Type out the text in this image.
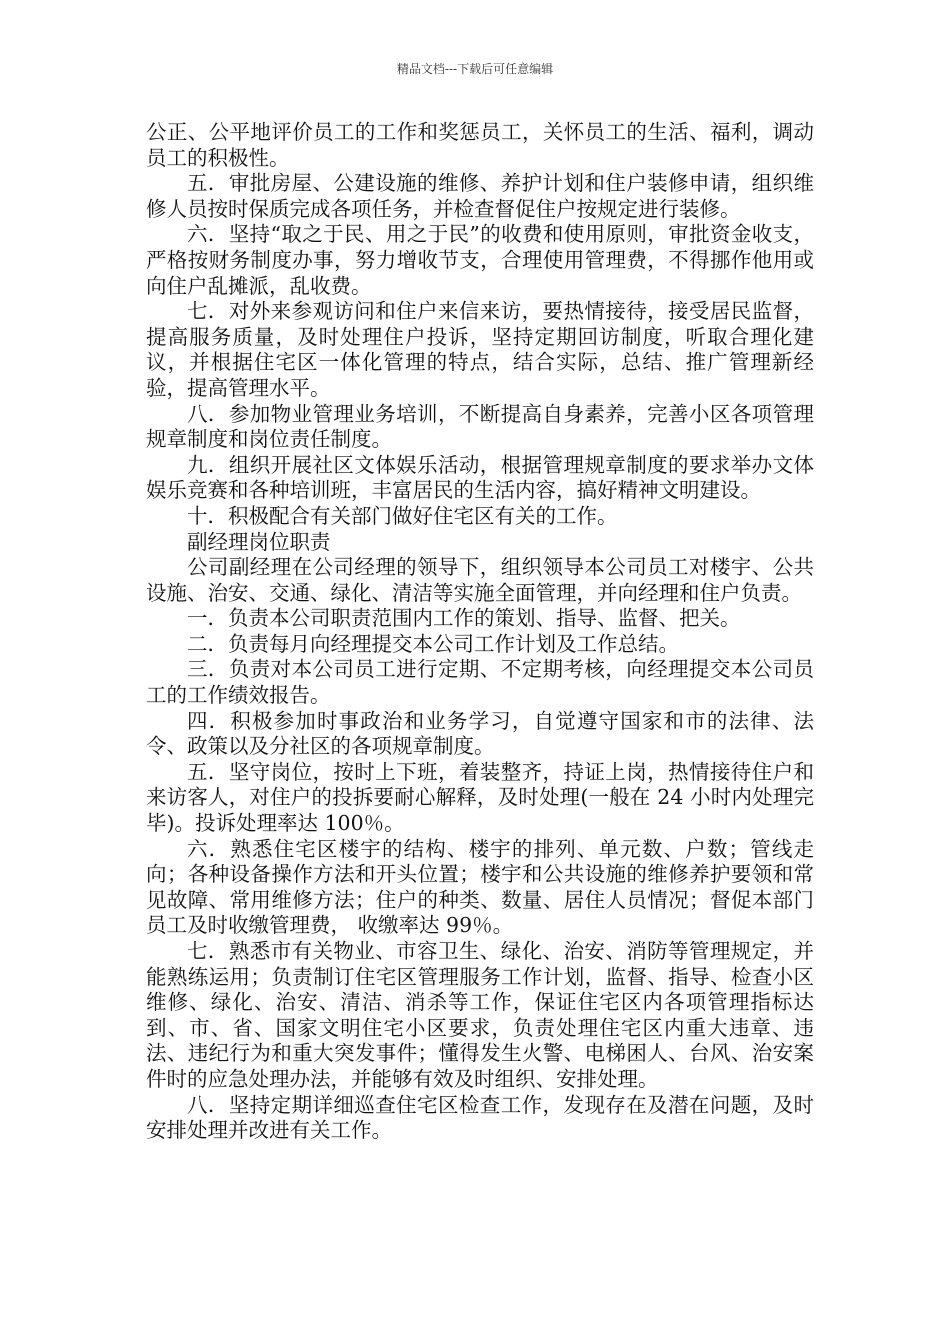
精品文档---下载后可任意编辑

公正、公平地评价员工的工作和奖惩员工，关怀员工的生活、福利，调动员工的积极性。

五．审批房屋、公建设施的维修、养护计划和住户装修申请，组织维修人员按时保质完成各项任务，并检查督促住户按规定进行装修。

六．坚持“取之于民、用之于民”的收费和使用原则，审批资金收支，严格按财务制度办事，努力增收节支，合理使用管理费，不得挪作他用或向住户乱摊派，乱收费。

七．对外来参观访问和住户来信来访，要热情接待，接受居民监督，提高服务质量，及时处理住户投诉，坚持定期回访制度，听取合理化建议，并根据住宅区一体化管理的特点，结合实际，总结、推广管理新经验，提高管理水平。

八．参加物业管理业务培训，不断提高自身素养，完善小区各项管理规章制度和岗位责任制度。

九．组织开展社区文体娱乐活动，根据管理规章制度的要求举办文体娱乐竞赛和各种培训班，丰富居民的生活内容，搞好精神文明建设。

十．积极配合有关部门做好住宅区有关的工作。

副经理岗位职责

公司副经理在公司经理的领导下，组织领导本公司员工对楼宇、公共设施、治安、交通、绿化、清洁等实施全面管理，并向经理和住户负责。

一．负责本公司职责范围内工作的策划、指导、监督、把关。

二．负责每月向经理提交本公司工作计划及工作总结。

三．负责对本公司员工进行定期、不定期考核，向经理提交本公司员工的工作绩效报告。

四．积极参加时事政治和业务学习，自觉遵守国家和市的法律、法令、政策以及分社区的各项规章制度。

五．坚守岗位，按时上下班，着装整齐，持证上岗，热情接待住户和来访客人，对住户的投拆要耐心解释，及时处理(一般在 24 小时内处理完毕)。投诉处理率达 100％。

六．熟悉住宅区楼宇的结构、楼宇的排列、单元数、户数；管线走向；各种设备操作方法和开头位置；楼宇和公共设施的维修养护要领和常见故障、常用维修方法；住户的种类、数量、居住人员情况；督促本部门员工及时收缴管理费， 收缴率达 99％。

七．熟悉市有关物业、市容卫生、绿化、治安、消防等管理规定，并能熟练运用；负责制订住宅区管理服务工作计划，监督、指导、检查小区维修、绿化、治安、清洁、消杀等工作，保证住宅区内各项管理指标达到、市、省、国家文明住宅小区要求，负责处理住宅区内重大违章、违法、违纪行为和重大突发事件；懂得发生火警、电梯困人、台风、治安案件时的应急处理办法，并能够有效及时组织、安排处理。

八．坚持定期详细巡查住宅区检查工作，发现存在及潜在问题，及时安排处理并改进有关工作。
